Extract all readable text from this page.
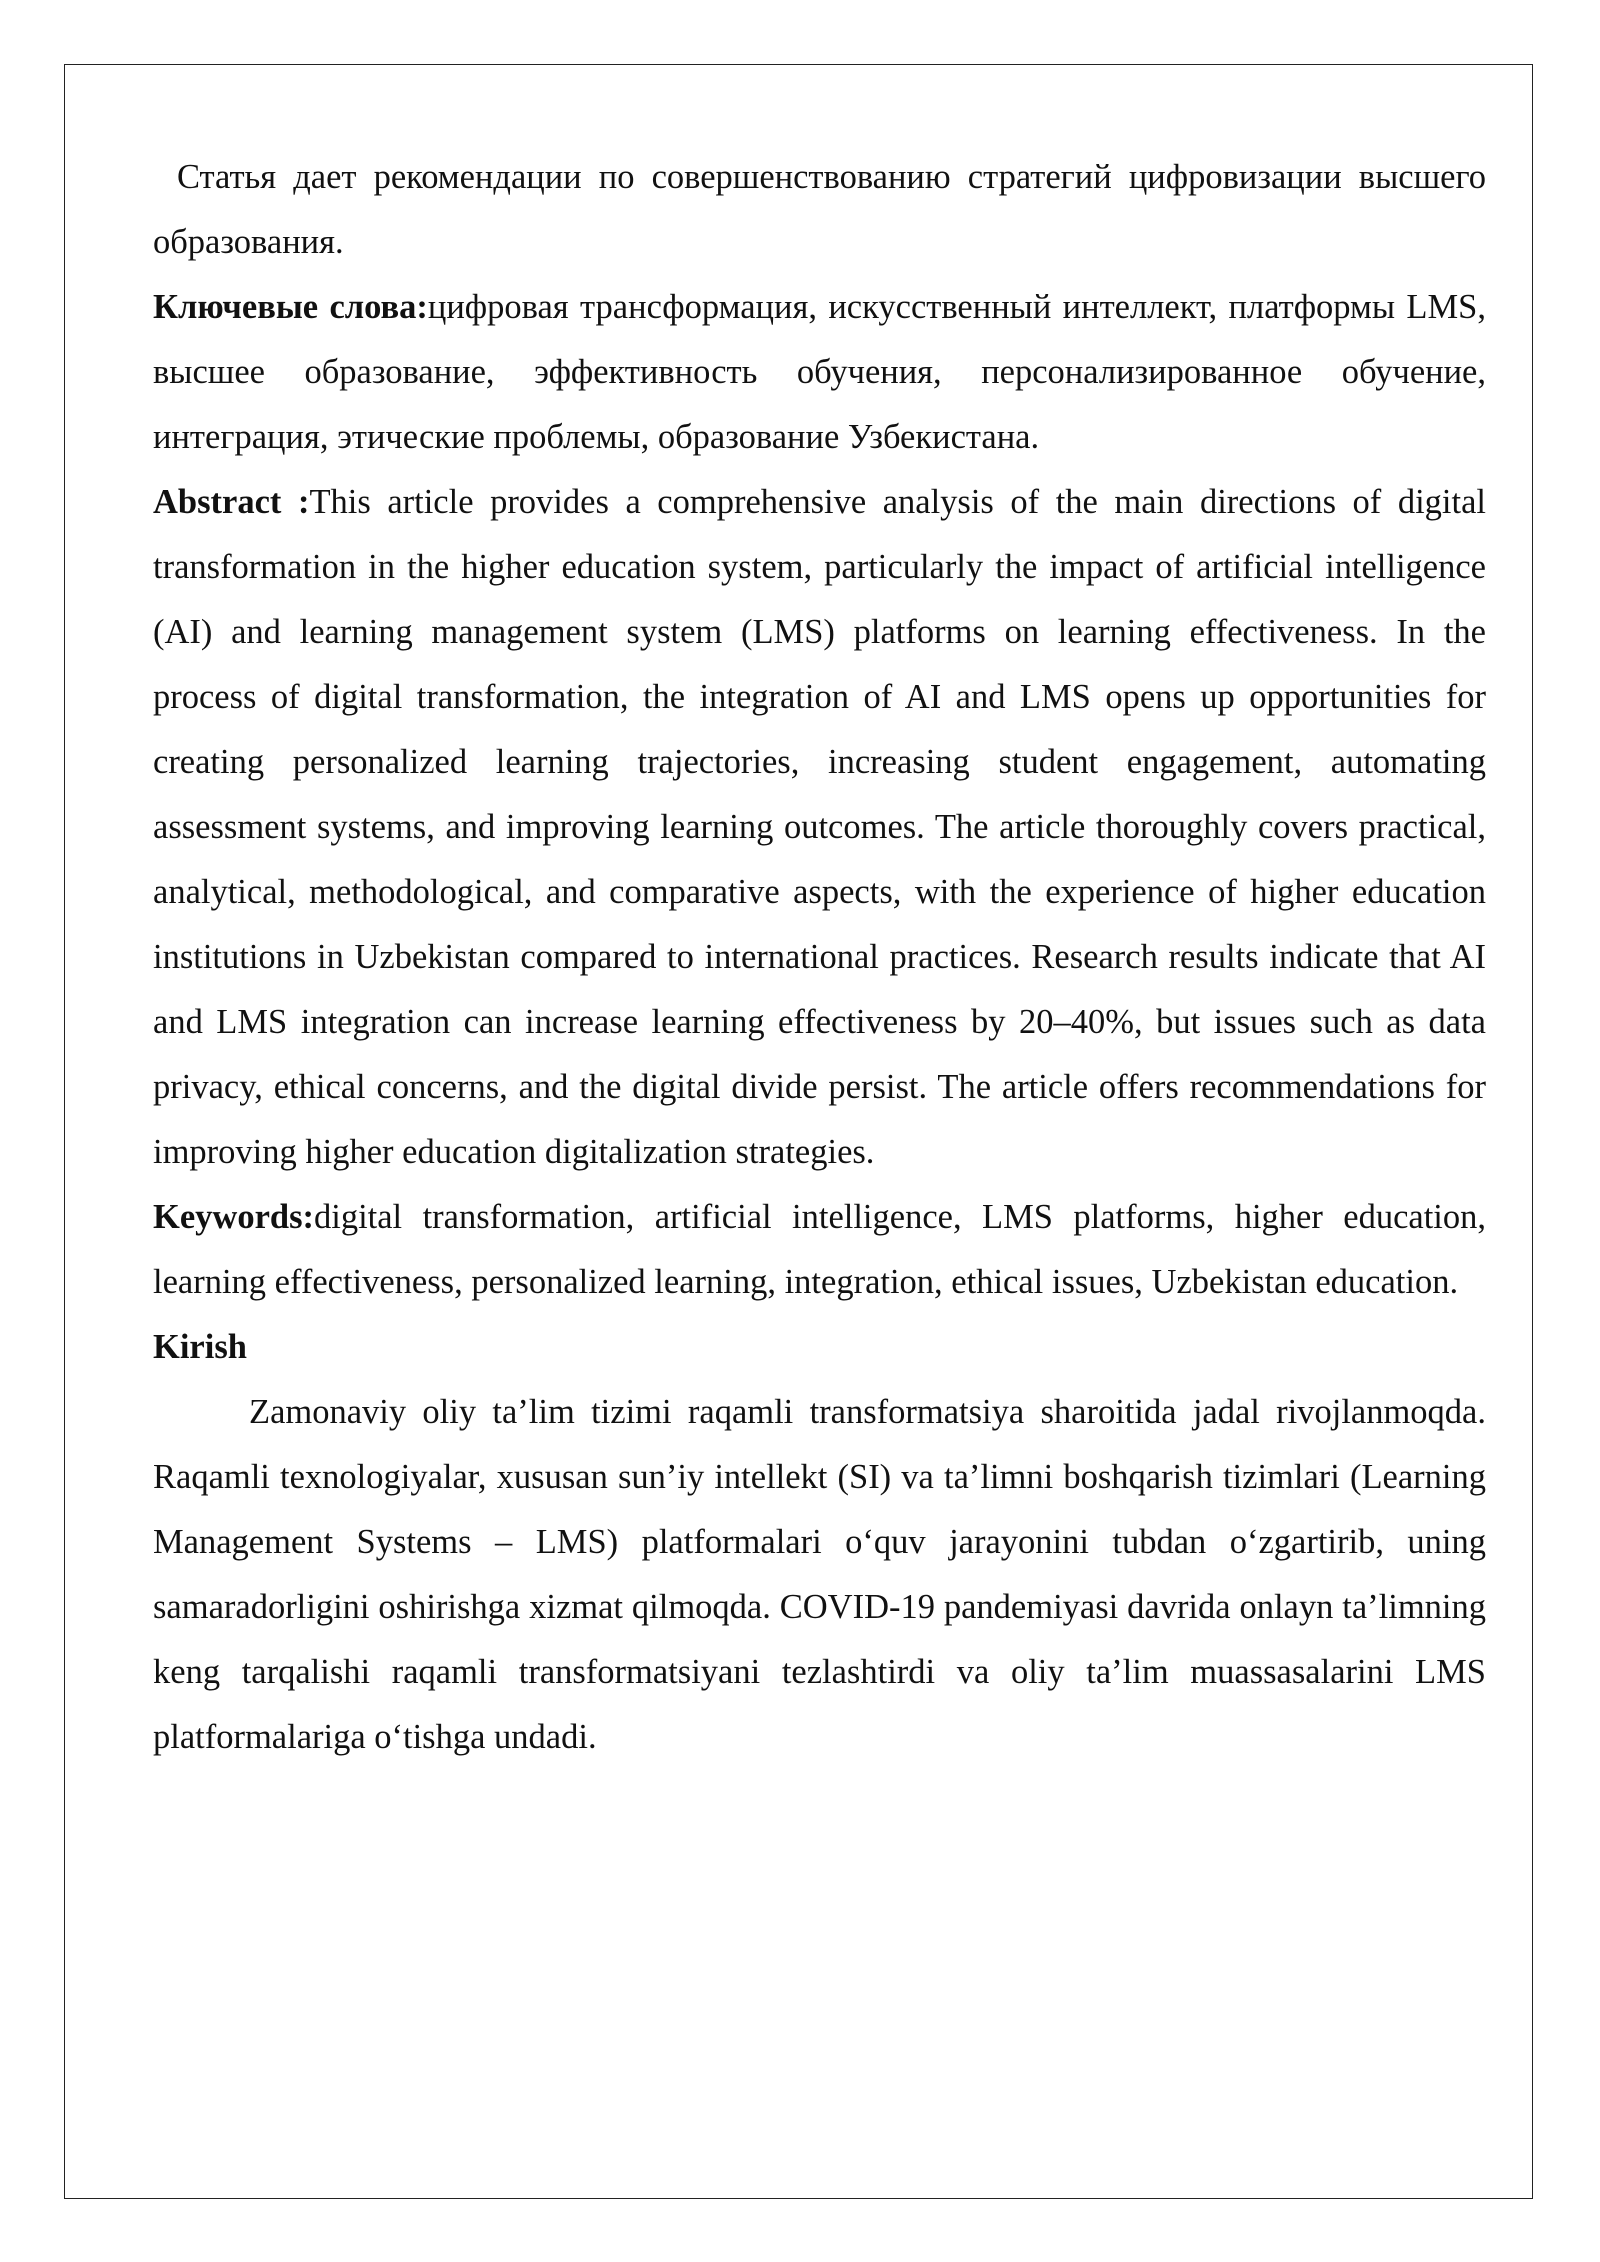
Статья дает рекомендации по совершенствованию стратегий цифровизации высшего образования.

Ключевые слова:цифровая трансформация, искусственный интеллект, платформы LMS, высшее образование, эффективность обучения, персонализированное обучение, интеграция, этические проблемы, образование Узбекистана.

Abstract :This article provides a comprehensive analysis of the main directions of digital transformation in the higher education system, particularly the impact of artificial intelligence (AI) and learning management system (LMS) platforms on learning effectiveness. In the process of digital transformation, the integration of AI and LMS opens up opportunities for creating personalized learning trajectories, increasing student engagement, automating assessment systems, and improving learning outcomes. The article thoroughly covers practical, analytical, methodological, and comparative aspects, with the experience of higher education institutions in Uzbekistan compared to international practices. Research results indicate that AI and LMS integration can increase learning effectiveness by 20–40%, but issues such as data privacy, ethical concerns, and the digital divide persist. The article offers recommendations for improving higher education digitalization strategies.

Keywords:digital transformation, artificial intelligence, LMS platforms, higher education, learning effectiveness, personalized learning, integration, ethical issues, Uzbekistan education.

Kirish

Zamonaviy oliy ta’lim tizimi raqamli transformatsiya sharoitida jadal rivojlanmoqda. Raqamli texnologiyalar, xususan sun’iy intellekt (SI) va ta’limni boshqarish tizimlari (Learning Management Systems – LMS) platformalari o‘quv jarayonini tubdan o‘zgartirib, uning samaradorligini oshirishga xizmat qilmoqda. COVID-19 pandemiyasi davrida onlayn ta’limning keng tarqalishi raqamli transformatsiyani tezlashtirdi va oliy ta’lim muassasalarini LMS platformalariga o‘tishga undadi.
